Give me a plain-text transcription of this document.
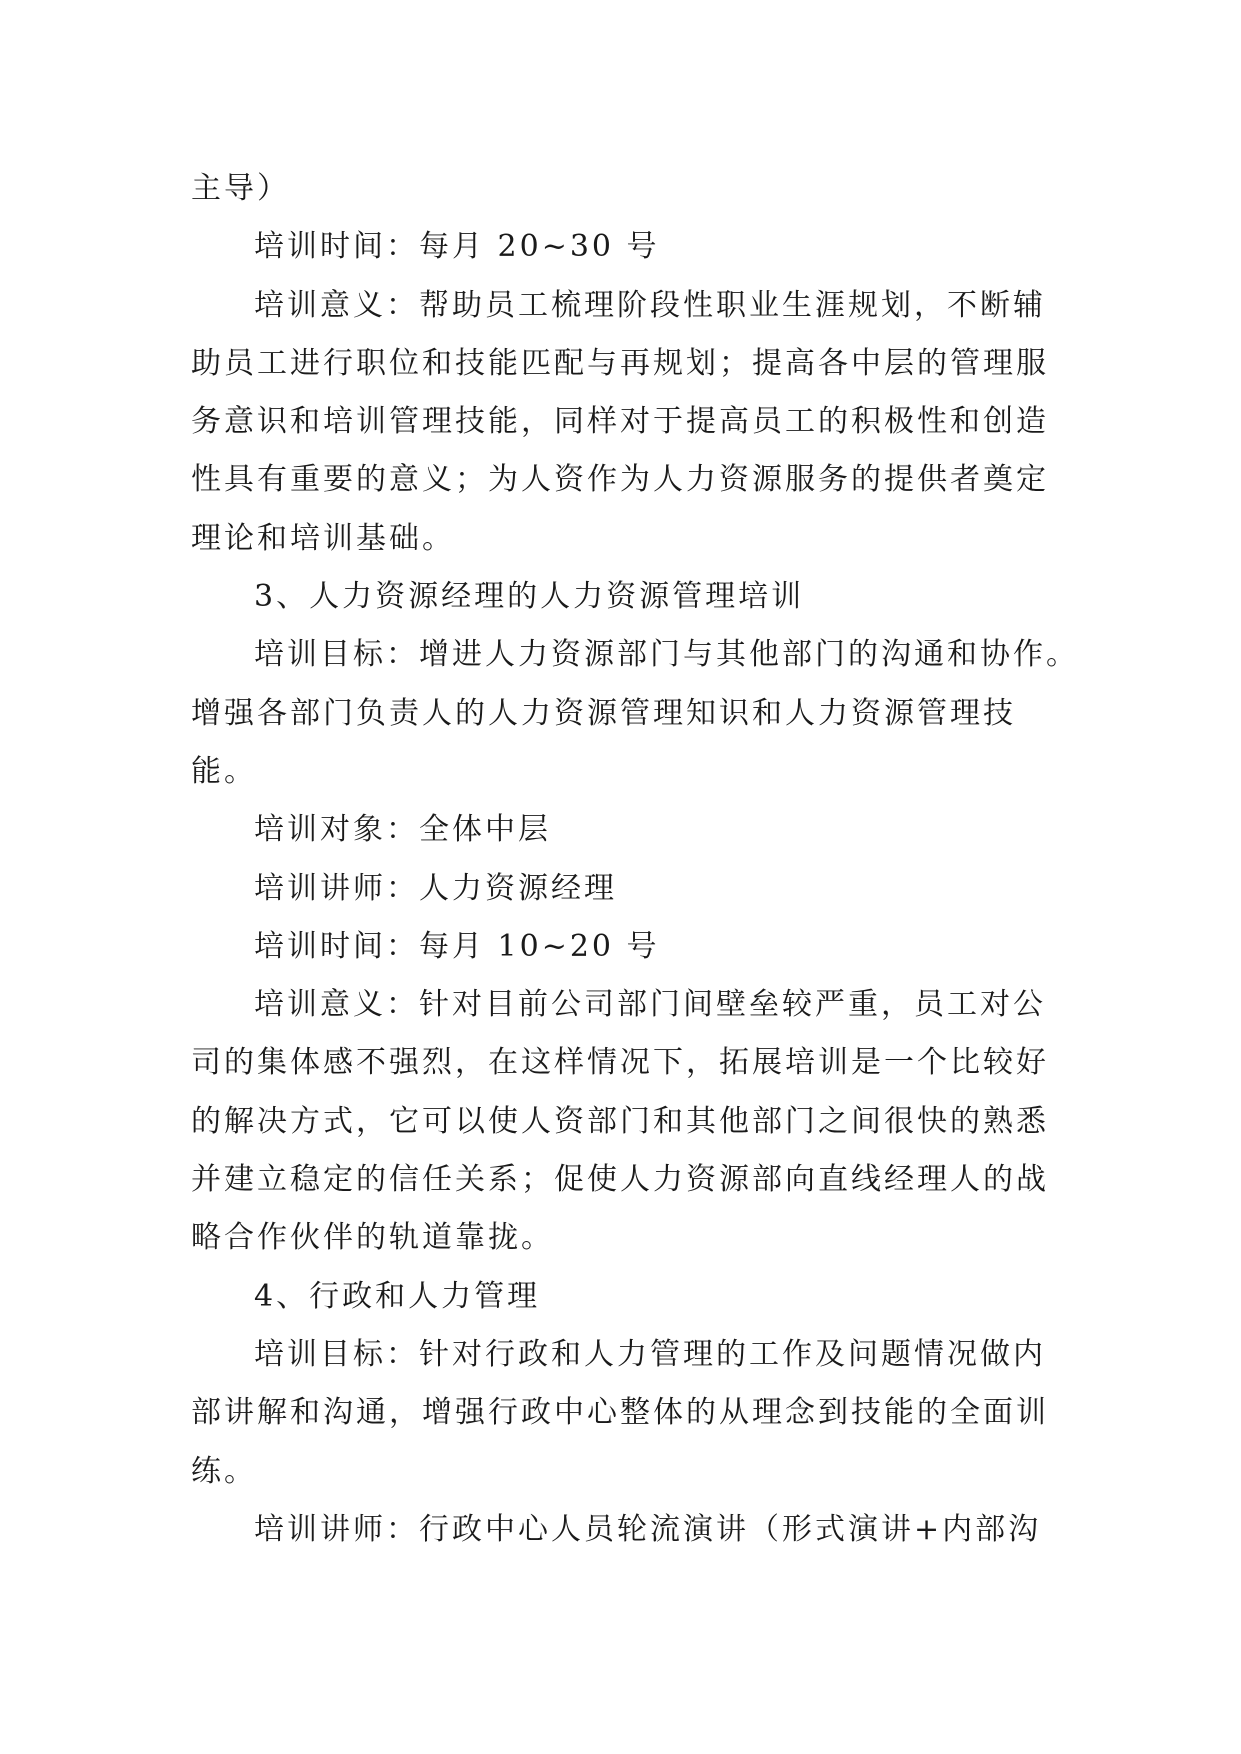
主导）
培训时间：每月 20~30 号
培训意义：帮助员工梳理阶段性职业生涯规划，不断辅
助员工进行职位和技能匹配与再规划；提高各中层的管理服
务意识和培训管理技能，同样对于提高员工的积极性和创造
性具有重要的意义；为人资作为人力资源服务的提供者奠定
理论和培训基础。
3、人力资源经理的人力资源管理培训
培训目标：增进人力资源部门与其他部门的沟通和协作。
增强各部门负责人的人力资源管理知识和人力资源管理技
能。
培训对象：全体中层
培训讲师：人力资源经理
培训时间：每月 10~20 号
培训意义：针对目前公司部门间壁垒较严重，员工对公
司的集体感不强烈，在这样情况下，拓展培训是一个比较好
的解决方式，它可以使人资部门和其他部门之间很快的熟悉
并建立稳定的信任关系；促使人力资源部向直线经理人的战
略合作伙伴的轨道靠拢。
4、行政和人力管理
培训目标：针对行政和人力管理的工作及问题情况做内
部讲解和沟通，增强行政中心整体的从理念到技能的全面训
练。
培训讲师：行政中心人员轮流演讲（形式演讲+内部沟
